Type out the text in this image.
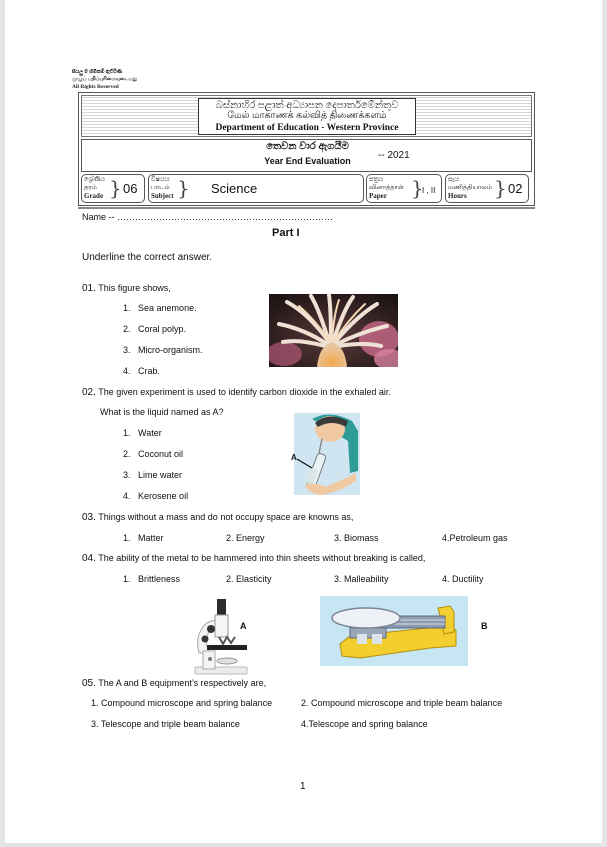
සියලු ම හිමිකම් ඇවිරිණි
முழுப் பதிப்புரிமையுடையது
All Rights Reserved
බස්නාහිර පළාත් අධ්‍යාපන දෙපාර්තමේන්තුව
மேல் மாகாணக் கல்வித் திணைக்களம்
Department of Education - Western Province
තෙවන වාර ඇගයීම
Year End Evaluation	-- 2021
ශ්‍රේණිය
தரம்
Grade } 06
විෂයය
பாடம்
Subject } Science
පත්‍රය
வினாத்தாள்
Paper	}
I , II
පැය
மணித்தியாலம்
Hours	} 02
Name -- ………………………………………………………………
Part I
Underline the correct answer.
01. This figure shows,
1. Sea anemone.
2. Coral polyp.
3. Micro-organism.
4. Crab.
02. The given experiment is used to identify carbon dioxide in the exhaled air.
What is the liquid named as A?
1. Water
2. Coconut oil
3. Lime water
4. Kerosene oil
A
03. Things without a mass and do not occupy space are knowns as,
1. Matter	2. Energy	3. Biomass	4.Petroleum gas
04. The ability of the metal to be hammered into thin sheets without breaking is called,
1. Brittleness	2. Elasticity	3. Malleability	4. Ductility
A	B
05. The A and B equipment’s respectively are,
1. Compound microscope and spring balance	2. Compound microscope and triple beam balance
3. Telescope and triple beam balance	4.Telescope and spring balance
1
